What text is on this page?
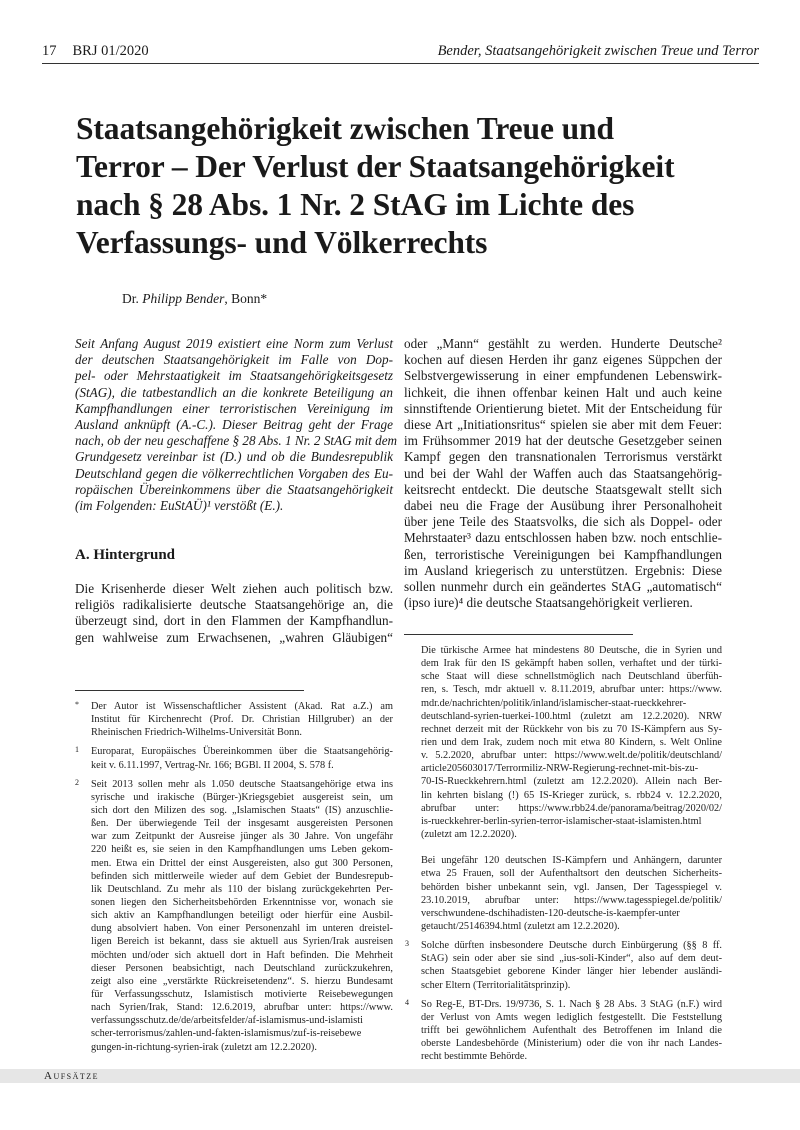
17 BRJ 01/2020	Bender, Staatsangehörigkeit zwischen Treue und Terror
Staatsangehörigkeit zwischen Treue und
Terror – Der Verlust der Staatsangehörigkeit
nach § 28 Abs. 1 Nr. 2 StAG im Lichte des
Verfassungs- und Völkerrechts
Dr. Philipp Bender, Bonn*
Seit Anfang August 2019 existiert eine Norm zum Verlust
der deutschen Staatsangehörigkeit im Falle von Dop-
pel- oder Mehrstaatigkeit im Staatsangehörigkeitsgesetz
(StAG), die tatbestandlich an die konkrete Beteiligung an
Kampfhandlungen einer terroristischen Vereinigung im
Ausland anknüpft (A.-C.). Dieser Beitrag geht der Frage
nach, ob der neu geschaffene § 28 Abs. 1 Nr. 2 StAG mit dem
Grundgesetz vereinbar ist (D.) und ob die Bundesrepublik
Deutschland gegen die völkerrechtlichen Vorgaben des Eu-
ropäischen Übereinkommens über die Staatsangehörigkeit
(im Folgenden: EuStAÜ)¹ verstößt (E.).
A. Hintergrund
Die Krisenherde dieser Welt ziehen auch politisch bzw.
religiös radikalisierte deutsche Staatsangehörige an, die
überzeugt sind, dort in den Flammen der Kampfhandlun-
gen wahlweise zum Erwachsenen, „wahren Gläubigen“
oder „Mann“ gestählt zu werden. Hunderte Deutsche²
kochen auf diesen Herden ihr ganz eigenes Süppchen der
Selbstvergewisserung in einer empfundenen Lebenswirk-
lichkeit, die ihnen offenbar keinen Halt und auch keine
sinnstiftende Orientierung bietet. Mit der Entscheidung für
diese Art „Initiationsritus“ spielen sie aber mit dem Feuer:
im Frühsommer 2019 hat der deutsche Gesetzgeber seinen
Kampf gegen den transnationalen Terrorismus verstärkt
und bei der Wahl der Waffen auch das Staatsangehörig-
keitsrecht entdeckt. Die deutsche Staatsgewalt stellt sich
dabei neu die Frage der Ausübung ihrer Personalhoheit
über jene Teile des Staatsvolks, die sich als Doppel- oder
Mehrstaater³ dazu entschlossen haben bzw. noch entschlie-
ßen, terroristische Vereinigungen bei Kampfhandlungen
im Ausland kriegerisch zu unterstützen. Ergebnis: Diese
sollen nunmehr durch ein geändertes StAG „automatisch“
(ipso iure)⁴ die deutsche Staatsangehörigkeit verlieren.
* Der Autor ist Wissenschaftlicher Assistent (Akad. Rat a.Z.) am
Institut für Kirchenrecht (Prof. Dr. Christian Hillgruber) an der
Rheinischen Friedrich-Wilhelms-Universität Bonn.
1 Europarat, Europäisches Übereinkommen über die Staatsangehörig-
keit v. 6.11.1997, Vertrag-Nr. 166; BGBl. II 2004, S. 578 f.
2 Seit 2013 sollen mehr als 1.050 deutsche Staatsangehörige etwa ins
syrische und irakische (Bürger-)Kriegsgebiet ausgereist sein, um
sich dort den Milizen des sog. „Islamischen Staats“ (IS) anzuschlie-
ßen. Der überwiegende Teil der insgesamt ausgereisten Personen
war zum Zeitpunkt der Ausreise jünger als 30 Jahre. Von ungefähr
220 heißt es, sie seien in den Kampfhandlungen ums Leben gekom-
men. Etwa ein Drittel der einst Ausgereisten, also gut 300 Personen,
befinden sich mittlerweile wieder auf dem Gebiet der Bundesrepub-
lik Deutschland. Zu mehr als 110 der bislang zurückgekehrten Per-
sonen liegen den Sicherheitsbehörden Erkenntnisse vor, wonach sie
sich aktiv an Kampfhandlungen beteiligt oder hierfür eine Ausbil-
dung absolviert haben. Von einer Personenzahl im unteren dreistel-
ligen Bereich ist bekannt, dass sie aktuell aus Syrien/Irak ausreisen
möchten und/oder sich aktuell dort in Haft befinden. Die Mehrheit
dieser Personen beabsichtigt, nach Deutschland zurückzukehren,
zeigt also eine „verstärkte Rückreisetendenz“. S. hierzu Bundesamt
für Verfassungsschutz, Islamistisch motivierte Reisebewegungen
nach Syrien/Irak, Stand: 12.6.2019, abrufbar unter: https://www.
verfassungsschutz.de/de/arbeitsfelder/af-islamismus-und-islamisti
scher-terrorismus/zahlen-und-fakten-islamismus/zuf-is-reisebewe
gungen-in-richtung-syrien-irak (zuletzt am 12.2.2020).
Die türkische Armee hat mindestens 80 Deutsche, die in Syrien und
dem Irak für den IS gekämpft haben sollen, verhaftet und der türki-
sche Staat will diese schnellstmöglich nach Deutschland überfüh-
ren, s. Tesch, mdr aktuell v. 8.11.2019, abrufbar unter: https://www.
mdr.de/nachrichten/politik/inland/islamischer-staat-rueckkehrer-
deutschland-syrien-tuerkei-100.html (zuletzt am 12.2.2020). NRW
rechnet derzeit mit der Rückkehr von bis zu 70 IS-Kämpfern aus Sy-
rien und dem Irak, zudem noch mit etwa 80 Kindern, s. Welt Online
v. 5.2.2020, abrufbar unter: https://www.welt.de/politik/deutschland/
article205603017/Terrormiliz-NRW-Regierung-rechnet-mit-bis-zu-
70-IS-Rueckkehrern.html (zuletzt am 12.2.2020). Allein nach Ber-
lin kehrten bislang (!) 65 IS-Krieger zurück, s. rbb24 v. 12.2.2020,
abrufbar unter: https://www.rbb24.de/panorama/beitrag/2020/02/
is-rueckkehrer-berlin-syrien-terror-islamischer-staat-islamisten.html
(zuletzt am 12.2.2020).
Bei ungefähr 120 deutschen IS-Kämpfern und Anhängern, darunter
etwa 25 Frauen, soll der Aufenthaltsort den deutschen Sicherheits-
behörden bisher unbekannt sein, vgl. Jansen, Der Tagesspiegel v.
23.10.2019, abrufbar unter: https://www.tagesspiegel.de/politik/
verschwundene-dschihadisten-120-deutsche-is-kaempfer-unter
getaucht/25146394.html (zuletzt am 12.2.2020).
3 Solche dürften insbesondere Deutsche durch Einbürgerung (§§ 8 ff.
StAG) sein oder aber sie sind „ius-soli-Kinder“, also auf dem deut-
schen Staatsgebiet geborene Kinder länger hier lebender ausländi-
scher Eltern (Territorialitätsprinzip).
4 So Reg-E, BT-Drs. 19/9736, S. 1. Nach § 28 Abs. 3 StAG (n.F.) wird
der Verlust von Amts wegen lediglich festgestellt. Die Feststellung
trifft bei gewöhnlichem Aufenthalt des Betroffenen im Inland die
oberste Landesbehörde (Ministerium) oder die von ihr nach Landes-
recht bestimmte Behörde.
Aufsätze
